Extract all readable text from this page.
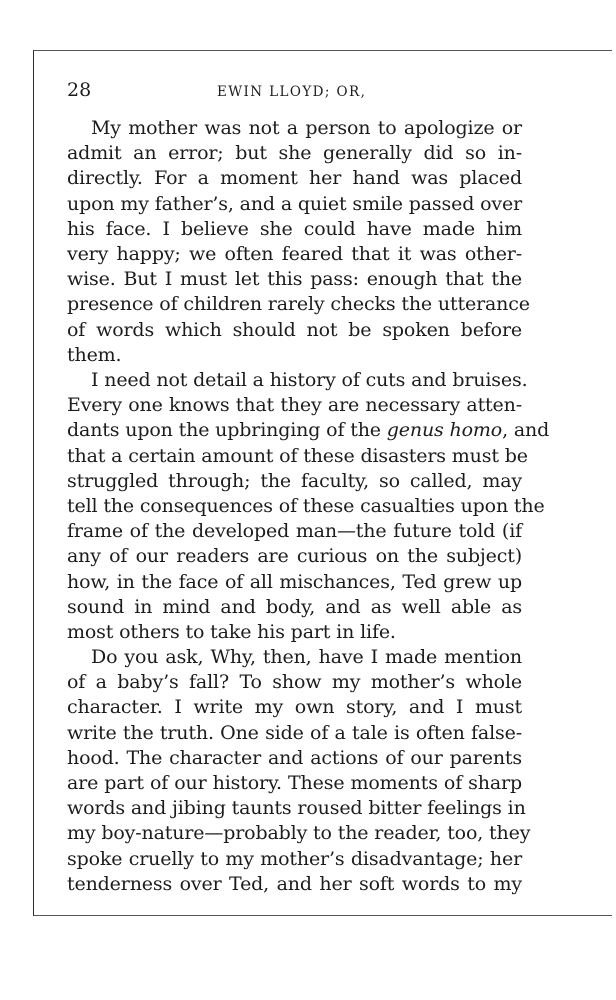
28	EWIN LLOYD; OR,
My mother was not a person to apologize or
admit an error; but she generally did so in-
directly. For a moment her hand was placed
upon my father’s, and a quiet smile passed over
his face. I believe she could have made him
very happy; we often feared that it was other-
wise. But I must let this pass: enough that the
presence of children rarely checks the utterance
of words which should not be spoken before
them.
I need not detail a history of cuts and bruises.
Every one knows that they are necessary atten-
dants upon the upbringing of the genus homo, and
that a certain amount of these disasters must be
struggled through; the faculty, so called, may
tell the consequences of these casualties upon the
frame of the developed man—the future told (if
any of our readers are curious on the subject)
how, in the face of all mischances, Ted grew up
sound in mind and body, and as well able as
most others to take his part in life.
Do you ask, Why, then, have I made mention
of a baby’s fall? To show my mother’s whole
character. I write my own story, and I must
write the truth. One side of a tale is often false-
hood. The character and actions of our parents
are part of our history. These moments of sharp
words and jibing taunts roused bitter feelings in
my boy-nature—probably to the reader, too, they
spoke cruelly to my mother’s disadvantage; her
tenderness over Ted, and her soft words to my
